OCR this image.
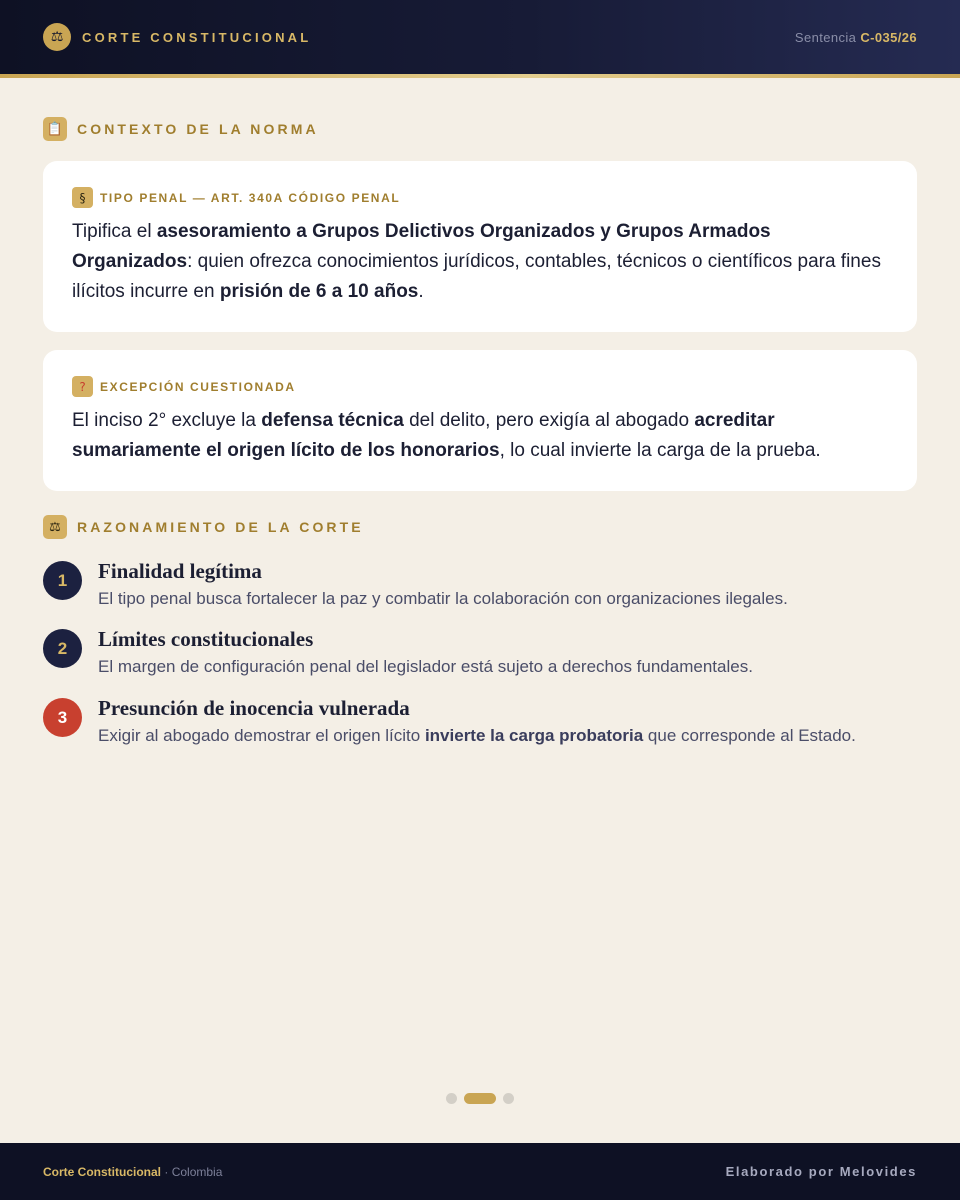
⚖	CORTE CONSTITUCIONAL	Sentencia C-035/26
📋 CONTEXTO DE LA NORMA
§	TIPO PENAL — ART. 340A CÓDIGO PENAL

Tipifica el asesoramiento a Grupos Delictivos Organizados y Grupos Armados Organizados: quien ofrezca conocimientos jurídicos, contables, técnicos o científicos para fines ilícitos incurre en prisión de 6 a 10 años.

?	EXCEPCIÓN CUESTIONADA

El inciso 2° excluye la defensa técnica del delito, pero exigía al abogado acreditar sumariamente el origen lícito de los honorarios, lo cual invierte la carga de la prueba.

⚖	RAZONAMIENTO DE LA CORTE
1	Finalidad legítima
El tipo penal busca fortalecer la paz y combatir la colaboración con organizaciones ilegales.
2	Límites constitucionales
El margen de configuración penal del legislador está sujeto a derechos fundamentales.
3	Presunción de inocencia vulnerada
Exigir al abogado demostrar el origen lícito invierte la carga probatoria que corresponde al Estado.
Corte Constitucional · Colombia	Elaborado por Melovides
